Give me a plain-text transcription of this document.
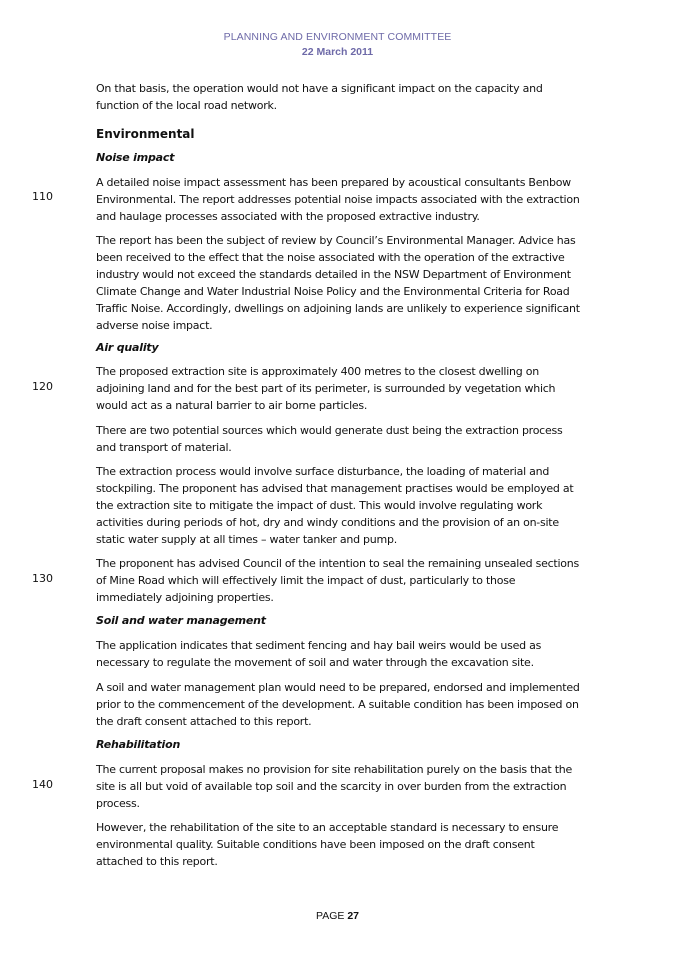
PLANNING AND ENVIRONMENT COMMITTEE
22 March 2011

On that basis, the operation would not have a significant impact on the capacity and function of the local road network.

Environmental
Noise impact

A detailed noise impact assessment has been prepared by acoustical consultants Benbow Environmental. The report addresses potential noise impacts associated with the extraction and haulage processes associated with the proposed extractive industry.

110

The report has been the subject of review by Council’s Environmental Manager. Advice has been received to the effect that the noise associated with the operation of the extractive industry would not exceed the standards detailed in the NSW Department of Environment Climate Change and Water Industrial Noise Policy and the Environmental Criteria for Road Traffic Noise. Accordingly, dwellings on adjoining lands are unlikely to experience significant adverse noise impact.

Air quality

The proposed extraction site is approximately 400 metres to the closest dwelling on adjoining land and for the best part of its perimeter, is surrounded by vegetation which would act as a natural barrier to air borne particles.

120

There are two potential sources which would generate dust being the extraction process and transport of material.

The extraction process would involve surface disturbance, the loading of material and stockpiling. The proponent has advised that management practises would be employed at the extraction site to mitigate the impact of dust. This would involve regulating work activities during periods of hot, dry and windy conditions and the provision of an on-site static water supply at all times – water tanker and pump.

The proponent has advised Council of the intention to seal the remaining unsealed sections of Mine Road which will effectively limit the impact of dust, particularly to those immediately adjoining properties.

130
Soil and water management

The application indicates that sediment fencing and hay bail weirs would be used as necessary to regulate the movement of soil and water through the excavation site.

A soil and water management plan would need to be prepared, endorsed and implemented prior to the commencement of the development. A suitable condition has been imposed on the draft consent attached to this report.

Rehabilitation

The current proposal makes no provision for site rehabilitation purely on the basis that the site is all but void of available top soil and the scarcity in over burden from the extraction process.

140

However, the rehabilitation of the site to an acceptable standard is necessary to ensure environmental quality. Suitable conditions have been imposed on the draft consent attached to this report.

PAGE 27
